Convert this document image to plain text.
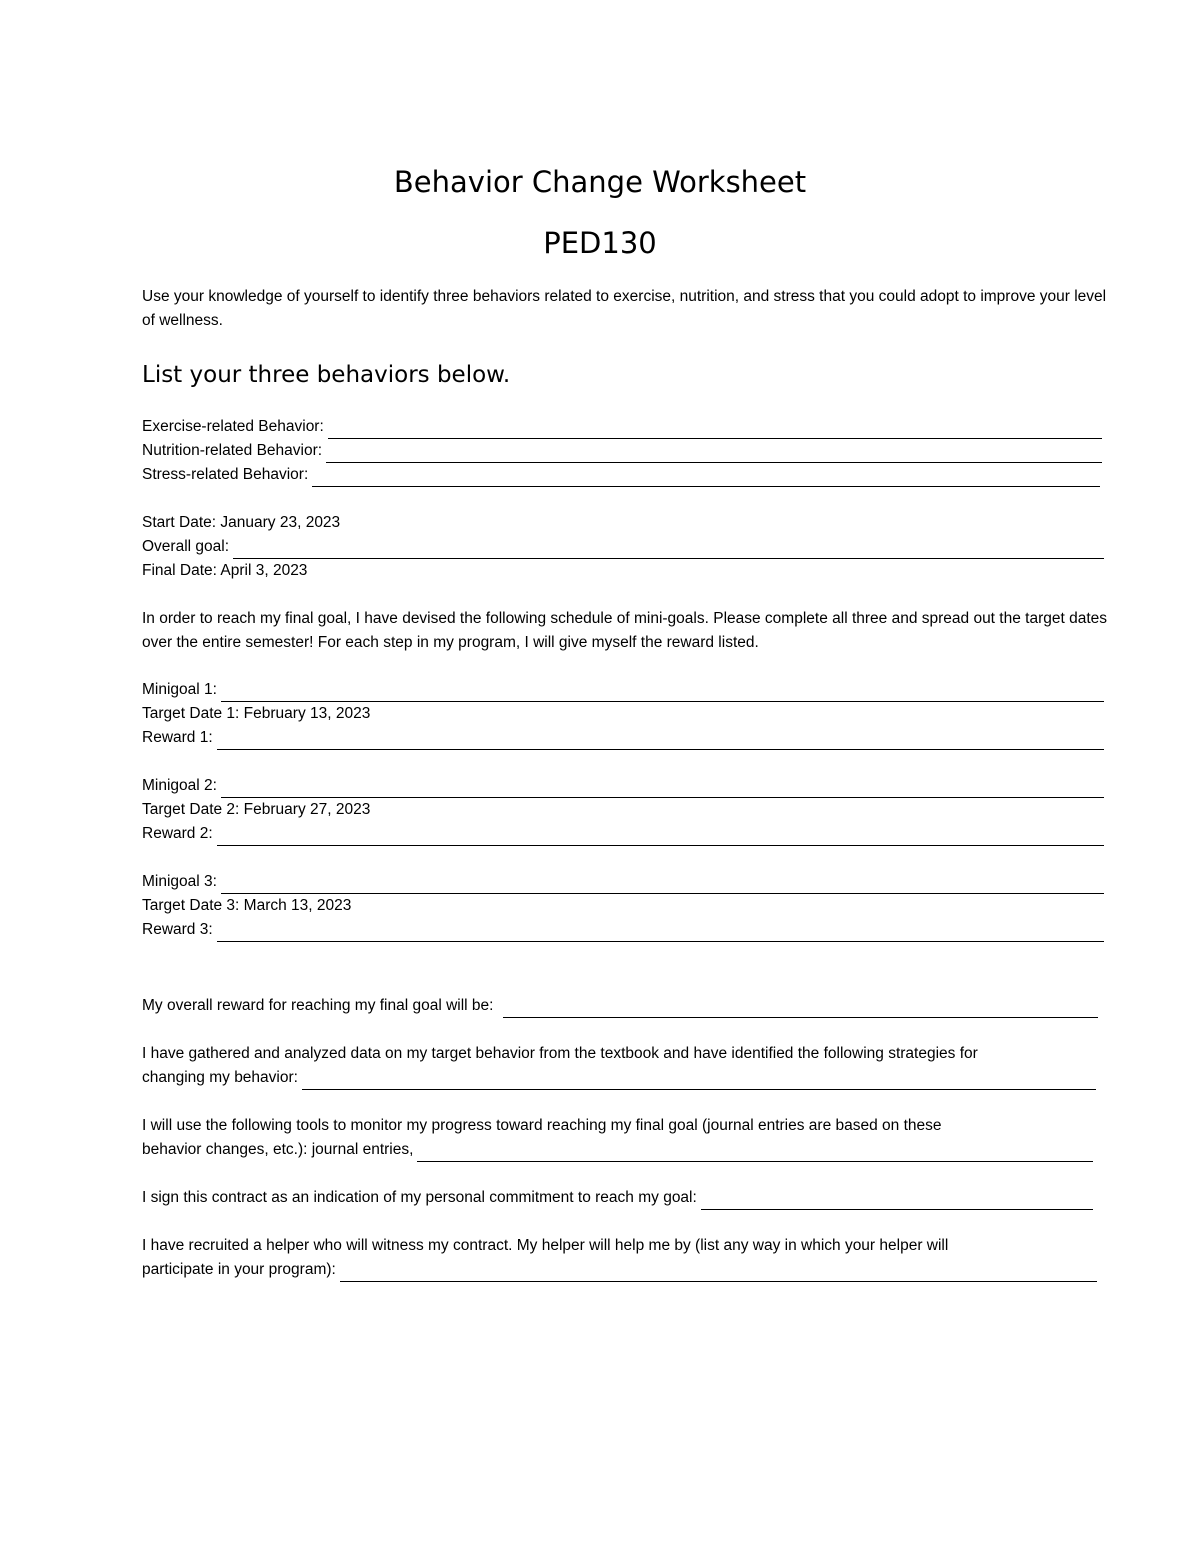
Behavior Change Worksheet
PED130

Use your knowledge of yourself to identify three behaviors related to exercise, nutrition, and stress that you could adopt to improve your level of wellness.

List your three behaviors below.
Exercise-related Behavior:
Nutrition-related Behavior:
Stress-related Behavior:
Start Date: January 23, 2023
Overall goal:
Final Date: April 3, 2023

In order to reach my final goal, I have devised the following schedule of mini-goals. Please complete all three and spread out the target dates over the entire semester! For each step in my program, I will give myself the reward listed.

Minigoal 1:
Target Date 1: February 13, 2023
Reward 1:
Minigoal 2:
Target Date 2: February 27, 2023
Reward 2:
Minigoal 3:
Target Date 3: March 13, 2023
Reward 3:
My overall reward for reaching my final goal will be:
I have gathered and analyzed data on my target behavior from the textbook and have identified the following strategies for
changing my behavior:
I will use the following tools to monitor my progress toward reaching my final goal (journal entries are based on these
behavior changes, etc.): journal entries,
I sign this contract as an indication of my personal commitment to reach my goal:
I have recruited a helper who will witness my contract. My helper will help me by (list any way in which your helper will
participate in your program):
